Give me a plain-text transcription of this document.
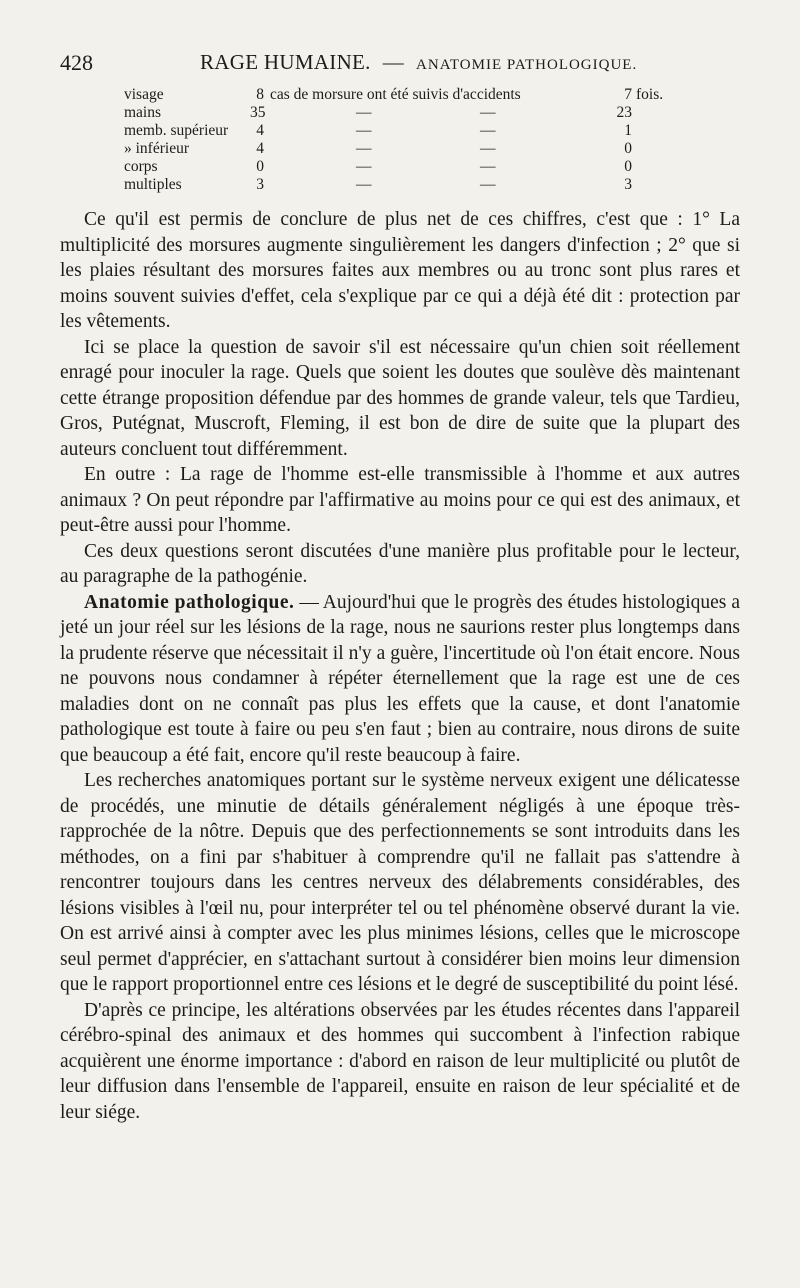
428	RAGE HUMAINE. — ANATOMIE PATHOLOGIQUE.
visage	8 cas de morsure ont été suivis d'accidents	7 fois.
mains	35	—	—	23
memb. supérieur	4	—	—	1
» inférieur	4	—	—	0
corps	0	—	—	0
multiples	3	—	—	3

Ce qu'il est permis de conclure de plus net de ces chiffres, c'est que : 1° La multiplicité des morsures augmente singulièrement les dangers d'infection ; 2° que si les plaies résultant des morsures faites aux membres ou au tronc sont plus rares et moins souvent suivies d'effet, cela s'explique par ce qui a déjà été dit : protection par les vêtements.

Ici se place la question de savoir s'il est nécessaire qu'un chien soit réellement enragé pour inoculer la rage. Quels que soient les doutes que soulève dès maintenant cette étrange proposition défendue par des hommes de grande valeur, tels que Tardieu, Gros, Putégnat, Muscroft, Fleming, il est bon de dire de suite que la plupart des auteurs concluent tout différemment.

En outre : La rage de l'homme est-elle transmissible à l'homme et aux autres animaux ? On peut répondre par l'affirmative au moins pour ce qui est des animaux, et peut-être aussi pour l'homme.

Ces deux questions seront discutées d'une manière plus profitable pour le lecteur, au paragraphe de la pathogénie.

Anatomie pathologique. — Aujourd'hui que le progrès des études histologiques a jeté un jour réel sur les lésions de la rage, nous ne saurions rester plus longtemps dans la prudente réserve que nécessitait il n'y a guère, l'incertitude où l'on était encore. Nous ne pouvons nous condamner à répéter éternellement que la rage est une de ces maladies dont on ne connaît pas plus les effets que la cause, et dont l'anatomie pathologique est toute à faire ou peu s'en faut ; bien au contraire, nous dirons de suite que beaucoup a été fait, encore qu'il reste beaucoup à faire.

Les recherches anatomiques portant sur le système nerveux exigent une délicatesse de procédés, une minutie de détails généralement négligés à une époque très-rapprochée de la nôtre. Depuis que des perfectionnements se sont introduits dans les méthodes, on a fini par s'habituer à comprendre qu'il ne fallait pas s'attendre à rencontrer toujours dans les centres nerveux des délabrements considérables, des lésions visibles à l'œil nu, pour interpréter tel ou tel phénomène observé durant la vie. On est arrivé ainsi à compter avec les plus minimes lésions, celles que le microscope seul permet d'apprécier, en s'attachant surtout à considérer bien moins leur dimension que le rapport proportionnel entre ces lésions et le degré de susceptibilité du point lésé.

D'après ce principe, les altérations observées par les études récentes dans l'appareil cérébro-spinal des animaux et des hommes qui succombent à l'infection rabique acquièrent une énorme importance : d'abord en raison de leur multiplicité ou plutôt de leur diffusion dans l'ensemble de l'appareil, ensuite en raison de leur spécialité et de leur siége.
